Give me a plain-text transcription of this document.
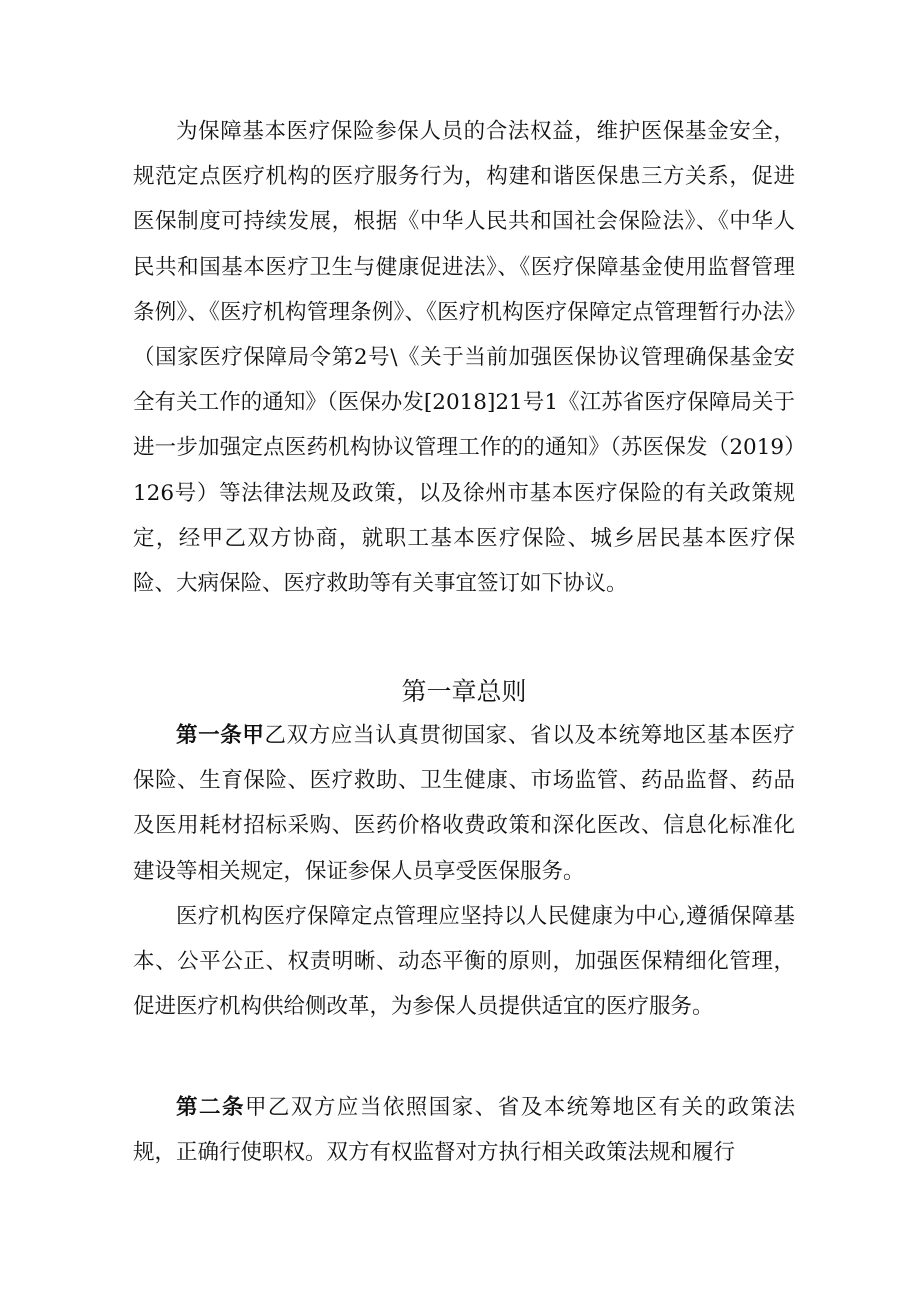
为保障基本医疗保险参保人员的合法权益，维护医保基金安全，规范定点医疗机构的医疗服务行为，构建和谐医保患三方关系，促进医保制度可持续发展，根据《中华人民共和国社会保险法》、《中华人民共和国基本医疗卫生与健康促进法》、《医疗保障基金使用监督管理条例》、《医疗机构管理条例》、《医疗机构医疗保障定点管理暂行办法》（国家医疗保障局令第2号\《关于当前加强医保协议管理确保基金安全有关工作的通知》（医保办发[2018]21号1《江苏省医疗保障局关于进一步加强定点医药机构协议管理工作的的通知》（苏医保发（2019）126号）等法律法规及政策，以及徐州市基本医疗保险的有关政策规定，经甲乙双方协商，就职工基本医疗保险、城乡居民基本医疗保险、大病保险、医疗救助等有关事宜签订如下协议。

第一章总则

第一条甲乙双方应当认真贯彻国家、省以及本统筹地区基本医疗保险、生育保险、医疗救助、卫生健康、市场监管、药品监督、药品及医用耗材招标采购、医药价格收费政策和深化医改、信息化标准化建设等相关规定，保证参保人员享受医保服务。

医疗机构医疗保障定点管理应坚持以人民健康为中心,遵循保障基本、公平公正、权责明晰、动态平衡的原则，加强医保精细化管理，促进医疗机构供给侧改革，为参保人员提供适宜的医疗服务。

第二条甲乙双方应当依照国家、省及本统筹地区有关的政策法规，正确行使职权。双方有权监督对方执行相关政策法规和履行
